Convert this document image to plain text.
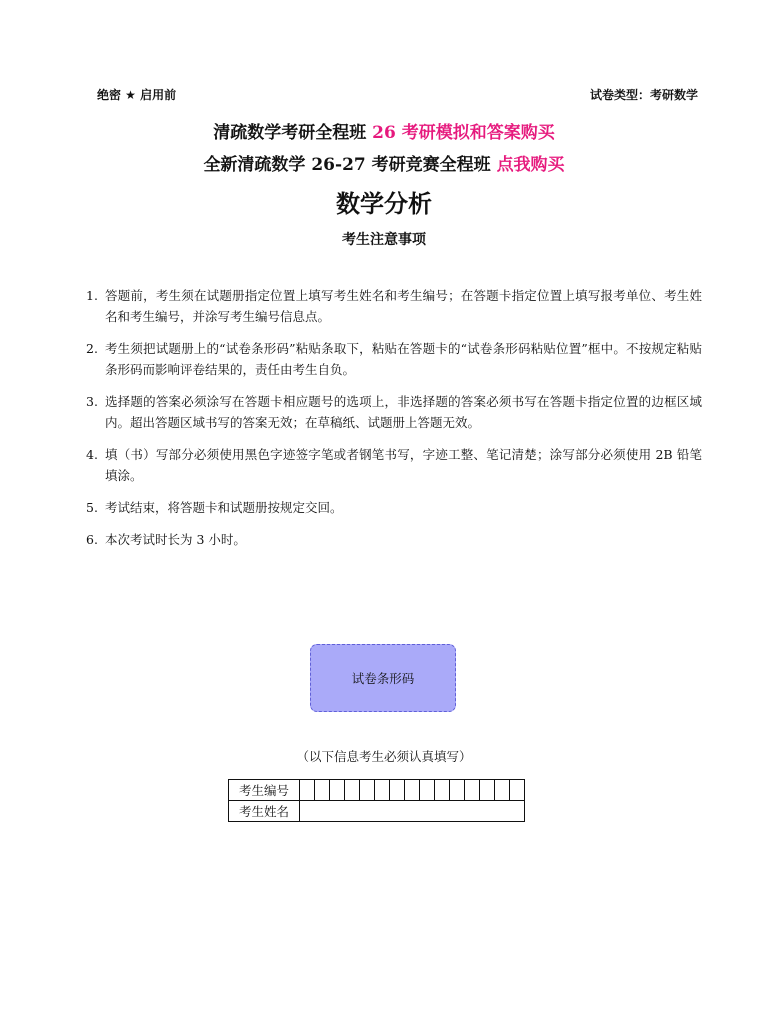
绝密 ★ 启用前	试卷类型：考研数学
清疏数学考研全程班 26 考研模拟和答案购买
全新清疏数学 26-27 考研竞赛全程班 点我购买
数学分析
考生注意事项
1. 答题前，考生须在试题册指定位置上填写考生姓名和考生编号；在答题卡指定位置上填写报考单位、考生姓名和考生编号，并涂写考生编号信息点。
2. 考生须把试题册上的“试卷条形码”粘贴条取下，粘贴在答题卡的“试卷条形码粘贴位置”框中。不按规定粘贴条形码而影响评卷结果的，责任由考生自负。
3. 选择题的答案必须涂写在答题卡相应题号的选项上，非选择题的答案必须书写在答题卡指定位置的边框区域内。超出答题区域书写的答案无效；在草稿纸、试题册上答题无效。
4. 填（书）写部分必须使用黑色字迹签字笔或者钢笔书写，字迹工整、笔记清楚；涂写部分必须使用 2B 铅笔填涂。
5. 考试结束，将答题卡和试题册按规定交回。
6. 本次考试时长为 3 小时。
试卷条形码
（以下信息考生必须认真填写）
考生编号															
考生姓名															
